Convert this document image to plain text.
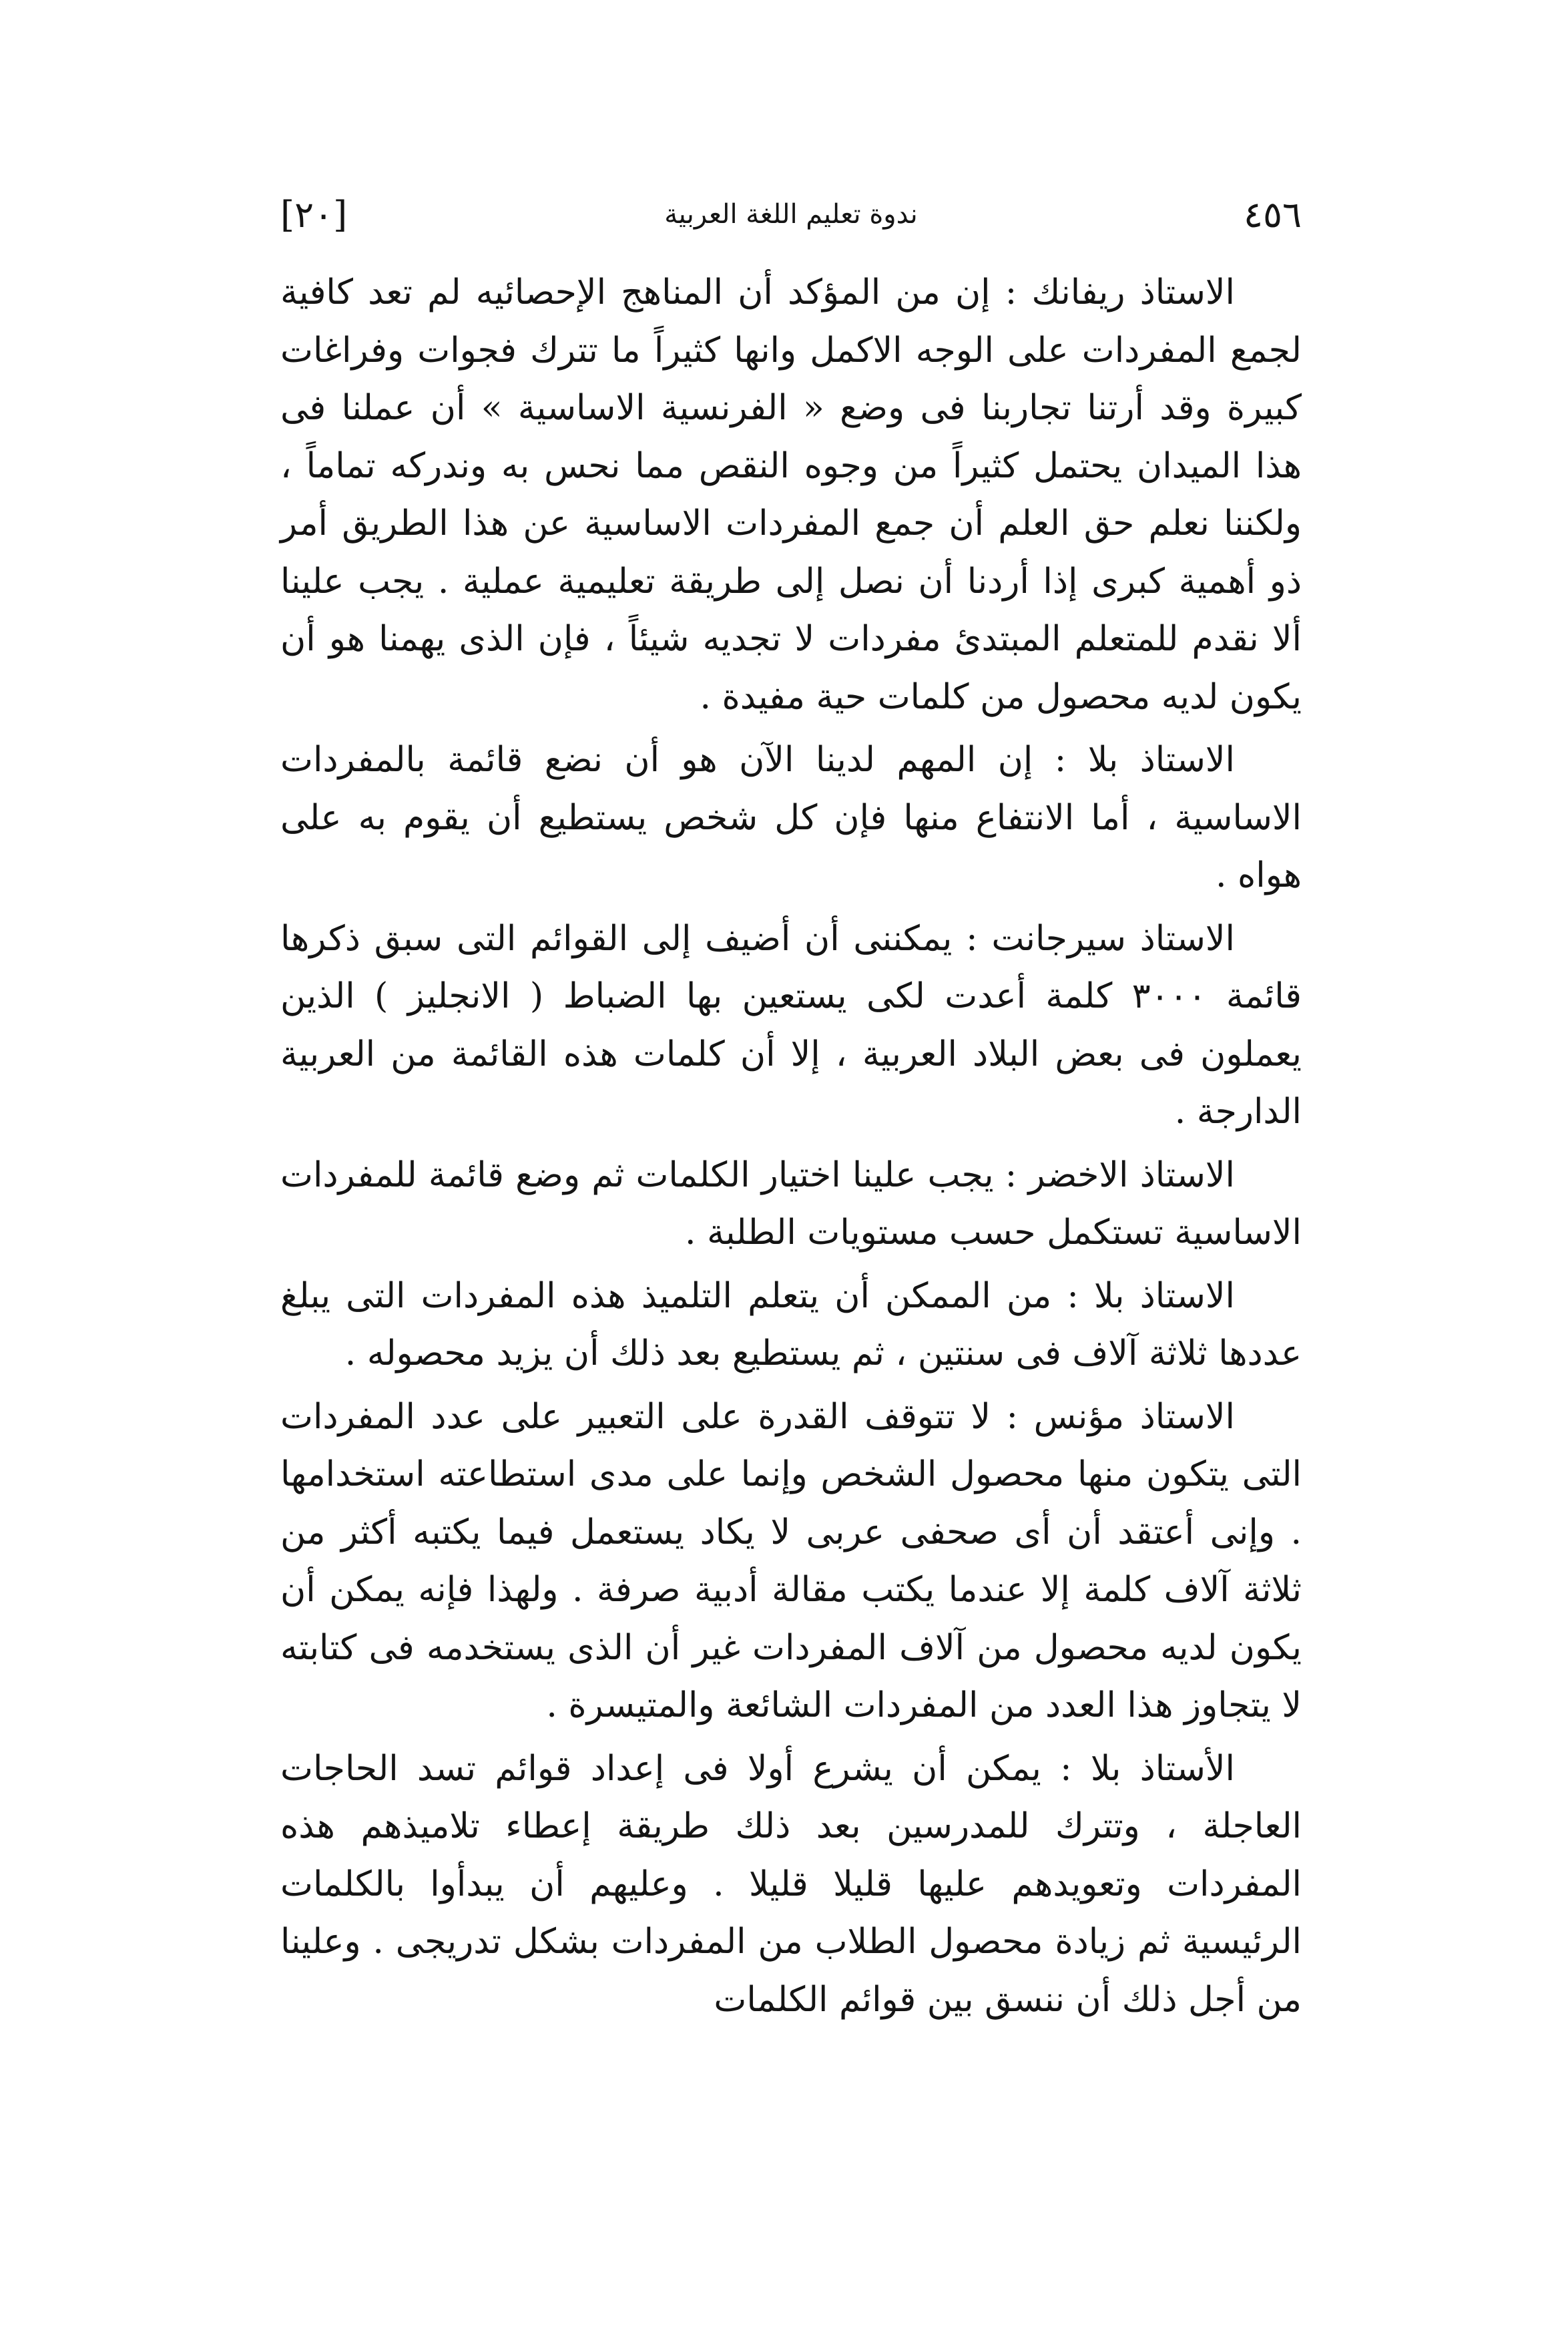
[٢٠]	ندوة تعليم اللغة العربية	٤٥٦

الاستاذ ريفانك : إن من المؤكد أن المناهج الإحصائيه لم تعد كافية لجمع المفردات على الوجه الاكمل وانها كثيراً ما تترك فجوات وفراغات كبيرة وقد أرتنا تجاربنا فى وضع « الفرنسية الاساسية » أن عملنا فى هذا الميدان يحتمل كثيراً من وجوه النقص مما نحس به وندركه تماماً ، ولكننا نعلم حق العلم أن جمع المفردات الاساسية عن هذا الطريق أمر ذو أهمية كبرى إذا أردنا أن نصل إلى طريقة تعليمية عملية . يجب علينا ألا نقدم للمتعلم المبتدئ مفردات لا تجديه شيئاً ، فإن الذى يهمنا هو أن يكون لديه محصول من كلمات حية مفيدة .

الاستاذ بلا : إن المهم لدينا الآن هو أن نضع قائمة بالمفردات الاساسية ، أما الانتفاع منها فإن كل شخص يستطيع أن يقوم به على هواه .

الاستاذ سيرجانت : يمكننى أن أضيف إلى القوائم التى سبق ذكرها قائمة ٣٠٠٠ كلمة أعدت لكى يستعين بها الضباط ( الانجليز ) الذين يعملون فى بعض البلاد العربية ، إلا أن كلمات هذه القائمة من العربية الدارجة .

الاستاذ الاخضر : يجب علينا اختيار الكلمات ثم وضع قائمة للمفردات الاساسية تستكمل حسب مستويات الطلبة .

الاستاذ بلا : من الممكن أن يتعلم التلميذ هذه المفردات التى يبلغ عددها ثلاثة آلاف فى سنتين ، ثم يستطيع بعد ذلك أن يزيد محصوله .

الاستاذ مؤنس : لا تتوقف القدرة على التعبير على عدد المفردات التى يتكون منها محصول الشخص وإنما على مدى استطاعته استخدامها . وإنى أعتقد أن أى صحفى عربى لا يكاد يستعمل فيما يكتبه أكثر من ثلاثة آلاف كلمة إلا عندما يكتب مقالة أدبية صرفة . ولهذا فإنه يمكن أن يكون لديه محصول من آلاف المفردات غير أن الذى يستخدمه فى كتابته لا يتجاوز هذا العدد من المفردات الشائعة والمتيسرة .

الأستاذ بلا : يمكن أن يشرع أولا فى إعداد قوائم تسد الحاجات العاجلة ، وتترك للمدرسين بعد ذلك طريقة إعطاء تلاميذهم هذه المفردات وتعويدهم عليها قليلا قليلا . وعليهم أن يبدأوا بالكلمات الرئيسية ثم زيادة محصول الطلاب من المفردات بشكل تدريجى . وعلينا من أجل ذلك أن ننسق بين قوائم الكلمات
